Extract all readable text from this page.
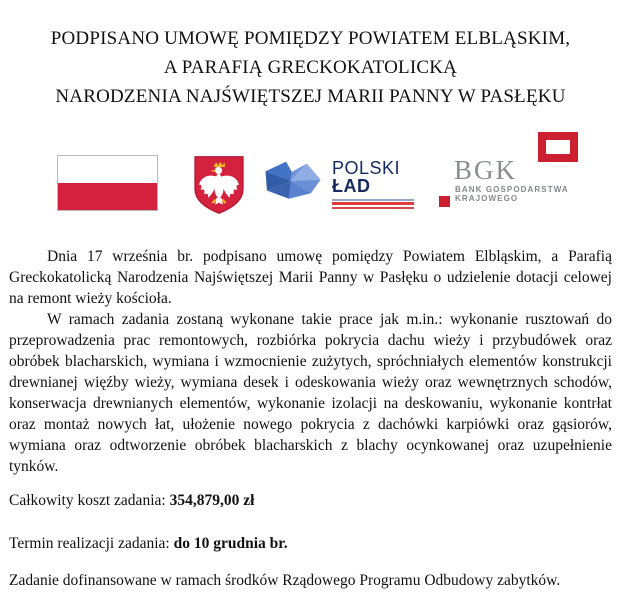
PODPISANO UMOWĘ POMIĘDZY POWIATEM ELBLĄSKIM,
A PARAFIĄ GRECKOKATOLICKĄ
NARODZENIA NAJŚWIĘTSZEJ MARII PANNY W PASŁĘKU
POLSKI
ŁAD
BGK
BANK GOSPODARSTWA
KRAJOWEGO

Dnia 17 września br. podpisano umowę pomiędzy Powiatem Elbląskim, a Parafią Greckokatolicką Narodzenia Najświętszej Marii Panny w Pasłęku o udzielenie dotacji celowej na remont wieży kościoła.

W ramach zadania zostaną wykonane takie prace jak m.in.: wykonanie rusztowań do przeprowadzenia prac remontowych, rozbiórka pokrycia dachu wieży i przybudówek oraz obróbek blacharskich, wymiana i wzmocnienie zużytych, spróchniałych elementów konstrukcji drewnianej więźby wieży, wymiana desek i odeskowania wieży oraz wewnętrznych schodów, konserwacja drewnianych elementów, wykonanie izolacji na deskowaniu, wykonanie kontrłat oraz montaż nowych łat, ułożenie nowego pokrycia z dachówki karpiówki oraz gąsiorów, wymiana oraz odtworzenie obróbek blacharskich z blachy ocynkowanej oraz uzupełnienie tynków.

Całkowity koszt zadania: 354,879,00 zł
Termin realizacji zadania: do 10 grudnia br.
Zadanie dofinansowane w ramach środków Rządowego Programu Odbudowy zabytków.
